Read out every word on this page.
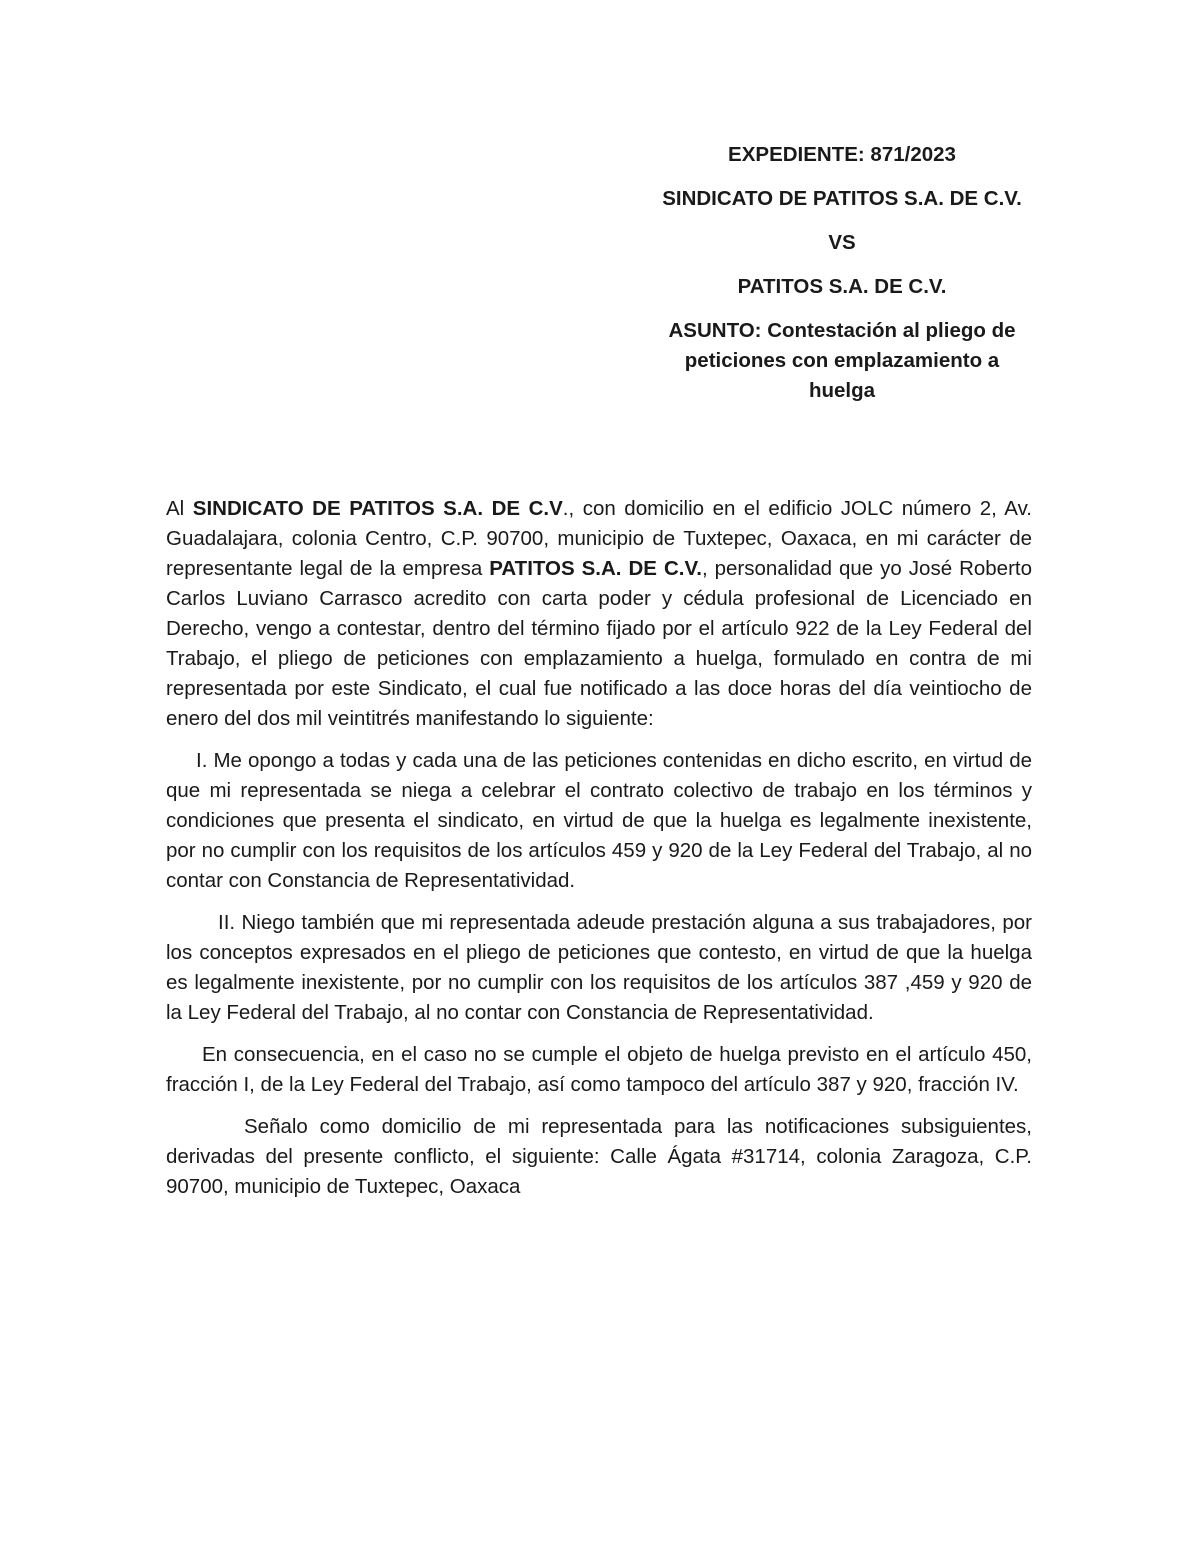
EXPEDIENTE: 871/2023

SINDICATO DE PATITOS S.A. DE C.V.

VS

PATITOS S.A. DE C.V.

ASUNTO: Contestación al pliego de peticiones con emplazamiento a huelga

Al SINDICATO DE PATITOS S.A. DE C.V., con domicilio en el edificio JOLC número 2, Av. Guadalajara, colonia Centro, C.P. 90700, municipio de Tuxtepec, Oaxaca, en mi carácter de representante legal de la empresa PATITOS S.A. DE C.V., personalidad que yo José Roberto Carlos Luviano Carrasco acredito con carta poder y cédula profesional de Licenciado en Derecho, vengo a contestar, dentro del término fijado por el artículo 922 de la Ley Federal del Trabajo, el pliego de peticiones con emplazamiento a huelga, formulado en contra de mi representada por este Sindicato, el cual fue notificado a las doce horas del día veintiocho de enero del dos mil veintitrés manifestando lo siguiente:

I. Me opongo a todas y cada una de las peticiones contenidas en dicho escrito, en virtud de que mi representada se niega a celebrar el contrato colectivo de trabajo en los términos y condiciones que presenta el sindicato, en virtud de que la huelga es legalmente inexistente, por no cumplir con los requisitos de los artículos 459 y 920 de la Ley Federal del Trabajo, al no contar con Constancia de Representatividad.

II. Niego también que mi representada adeude prestación alguna a sus trabajadores, por los conceptos expresados en el pliego de peticiones que contesto, en virtud de que la huelga es legalmente inexistente, por no cumplir con los requisitos de los artículos 387 ,459 y 920 de la Ley Federal del Trabajo, al no contar con Constancia de Representatividad.

En consecuencia, en el caso no se cumple el objeto de huelga previsto en el artículo 450, fracción I, de la Ley Federal del Trabajo, así como tampoco del artículo 387 y 920, fracción IV.

Señalo como domicilio de mi representada para las notificaciones subsiguientes, derivadas del presente conflicto, el siguiente: Calle Ágata #31714, colonia Zaragoza, C.P. 90700, municipio de Tuxtepec, Oaxaca
